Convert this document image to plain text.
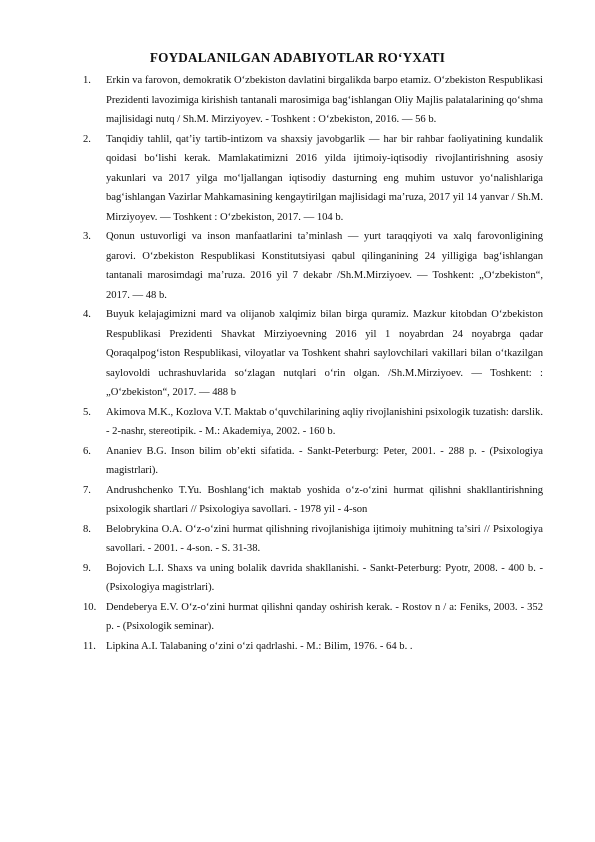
FOYDALANILGAN ADABIYOTLAR RO‘YXATI
1. Erkin va farovon, demokratik O‘zbekiston davlatini birgalikda barpo etamiz. O‘zbekiston Respublikasi Prezidenti lavozimiga kirishish tantanali marosimiga bag‘ishlangan Oliy Majlis palatalarining qo‘shma majlisidagi nutq / Sh.M. Mirziyoyev. - Toshkent : O‘zbekiston, 2016. — 56 b.
2. Tanqidiy tahlil, qat’iy tartib-intizom va shaxsiy javobgarlik — har bir rahbar faoliyatining kundalik qoidasi bo‘lishi kerak. Mamlakatimizni 2016 yilda ijtimoiy-iqtisodiy rivojlantirishning asosiy yakunlari va 2017 yilga mo‘ljallangan iqtisodiy dasturning eng muhim ustuvor yo‘nalishlariga bag‘ishlangan Vazirlar Mahkamasining kengaytirilgan majlisidagi ma’ruza, 2017 yil 14 yanvar / Sh.M. Mirziyoyev. — Toshkent : O‘zbekiston, 2017. — 104 b.
3. Qonun ustuvorligi va inson manfaatlarini ta’minlash — yurt taraqqiyoti va xalq farovonligining garovi. O‘zbekiston Respublikasi Konstitutsiyasi qabul qilinganining 24 yilligiga bag‘ishlangan tantanali marosimdagi ma’ruza. 2016 yil 7 dekabr /Sh.M.Mirziyoev. — Toshkent: „O‘zbekiston“, 2017. — 48 b.
4. Buyuk kelajagimizni mard va olijanob xalqimiz bilan birga quramiz. Mazkur kitobdan O‘zbekiston Respublikasi Prezidenti Shavkat Mirziyoevning 2016 yil 1 noyabrdan 24 noyabrga qadar Qoraqalpog‘iston Respublikasi, viloyatlar va Toshkent shahri saylovchilari vakillari bilan o‘tkazilgan saylovoldi uchrashuvlarida so‘zlagan nutqlari o‘rin olgan. /Sh.M.Mirziyoev. — Toshkent: : „O‘zbekiston“, 2017. — 488 b
5. Akimova M.K., Kozlova V.T. Maktab o‘quvchilarining aqliy rivojlanishini psixologik tuzatish: darslik. - 2-nashr, stereotipik. - M.: Akademiya, 2002. - 160 b.
6. Ananiev B.G. Inson bilim ob’ekti sifatida. - Sankt-Peterburg: Peter, 2001. - 288 p. - (Psixologiya magistrlari).
7. Andrushchenko T.Yu. Boshlang‘ich maktab yoshida o‘z-o‘zini hurmat qilishni shakllantirishning psixologik shartlari // Psixologiya savollari. - 1978 yil - 4-son
8. Belobrykina O.A. O‘z-o‘zini hurmat qilishning rivojlanishiga ijtimoiy muhitning ta’siri // Psixologiya savollari. - 2001. - 4-son. - S. 31-38.
9. Bojovich L.I. Shaxs va uning bolalik davrida shakllanishi. - Sankt-Peterburg: Pyotr, 2008. - 400 b. - (Psixologiya magistrlari).
10. Dendeberya E.V. O‘z-o‘zini hurmat qilishni qanday oshirish kerak. - Rostov n / a: Feniks, 2003. - 352 p. - (Psixologik seminar).
11. Lipkina A.I. Talabaning o‘zini o‘zi qadrlashi. - M.: Bilim, 1976. - 64 b. .
